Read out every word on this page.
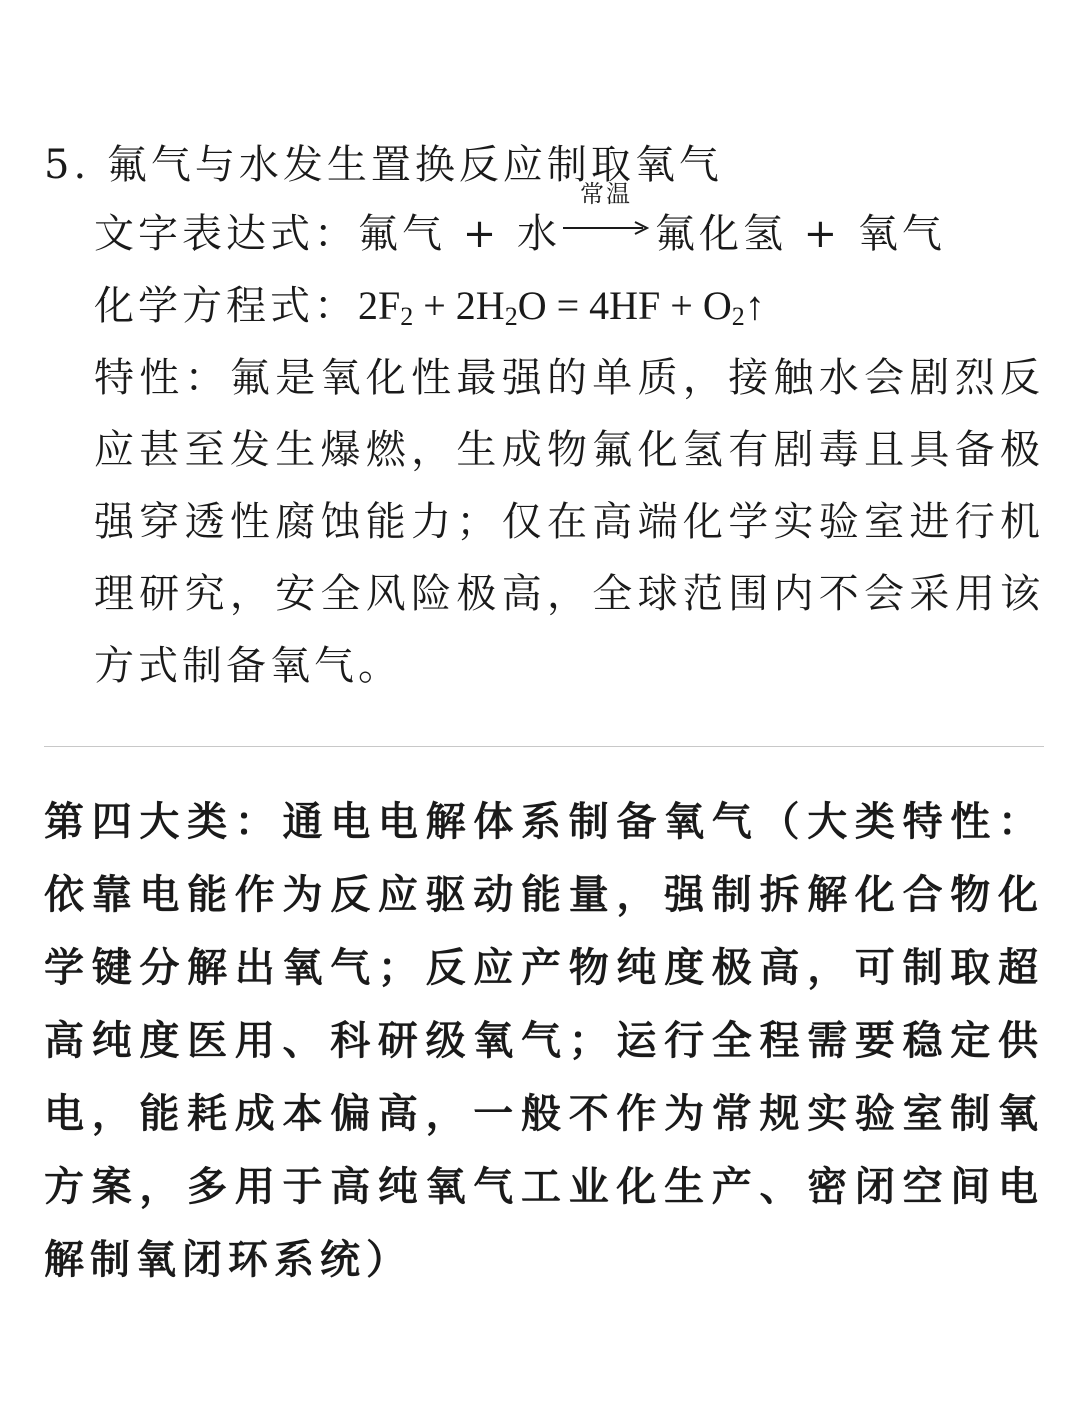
5. 氟气与水发生置换反应制取氧气
文字表达式：氟气 + 水
常温
氟化氢 + 氧气
化学方程式：$2F_2 + 2H_2O = 4HF$ + $O_2↑$
特性：氟是氧化性最强的单质，接触水会剧烈反应甚至发生爆燃，生成物氟化氢有剧毒且具备极强穿透性腐蚀能力；仅在高端化学实验室进行机理研究，安全风险极高，全球范围内不会采用该方式制备氧气。
第四大类：通电电解体系制备氧气（大类特性：依靠电能作为反应驱动能量，强制拆解化合物化学键分解出氧气；反应产物纯度极高，可制取超高纯度医用、科研级氧气；运行全程需要稳定供电，能耗成本偏高，一般不作为常规实验室制氧方案，多用于高纯氧气工业化生产、密闭空间电解制氧闭环系统）
